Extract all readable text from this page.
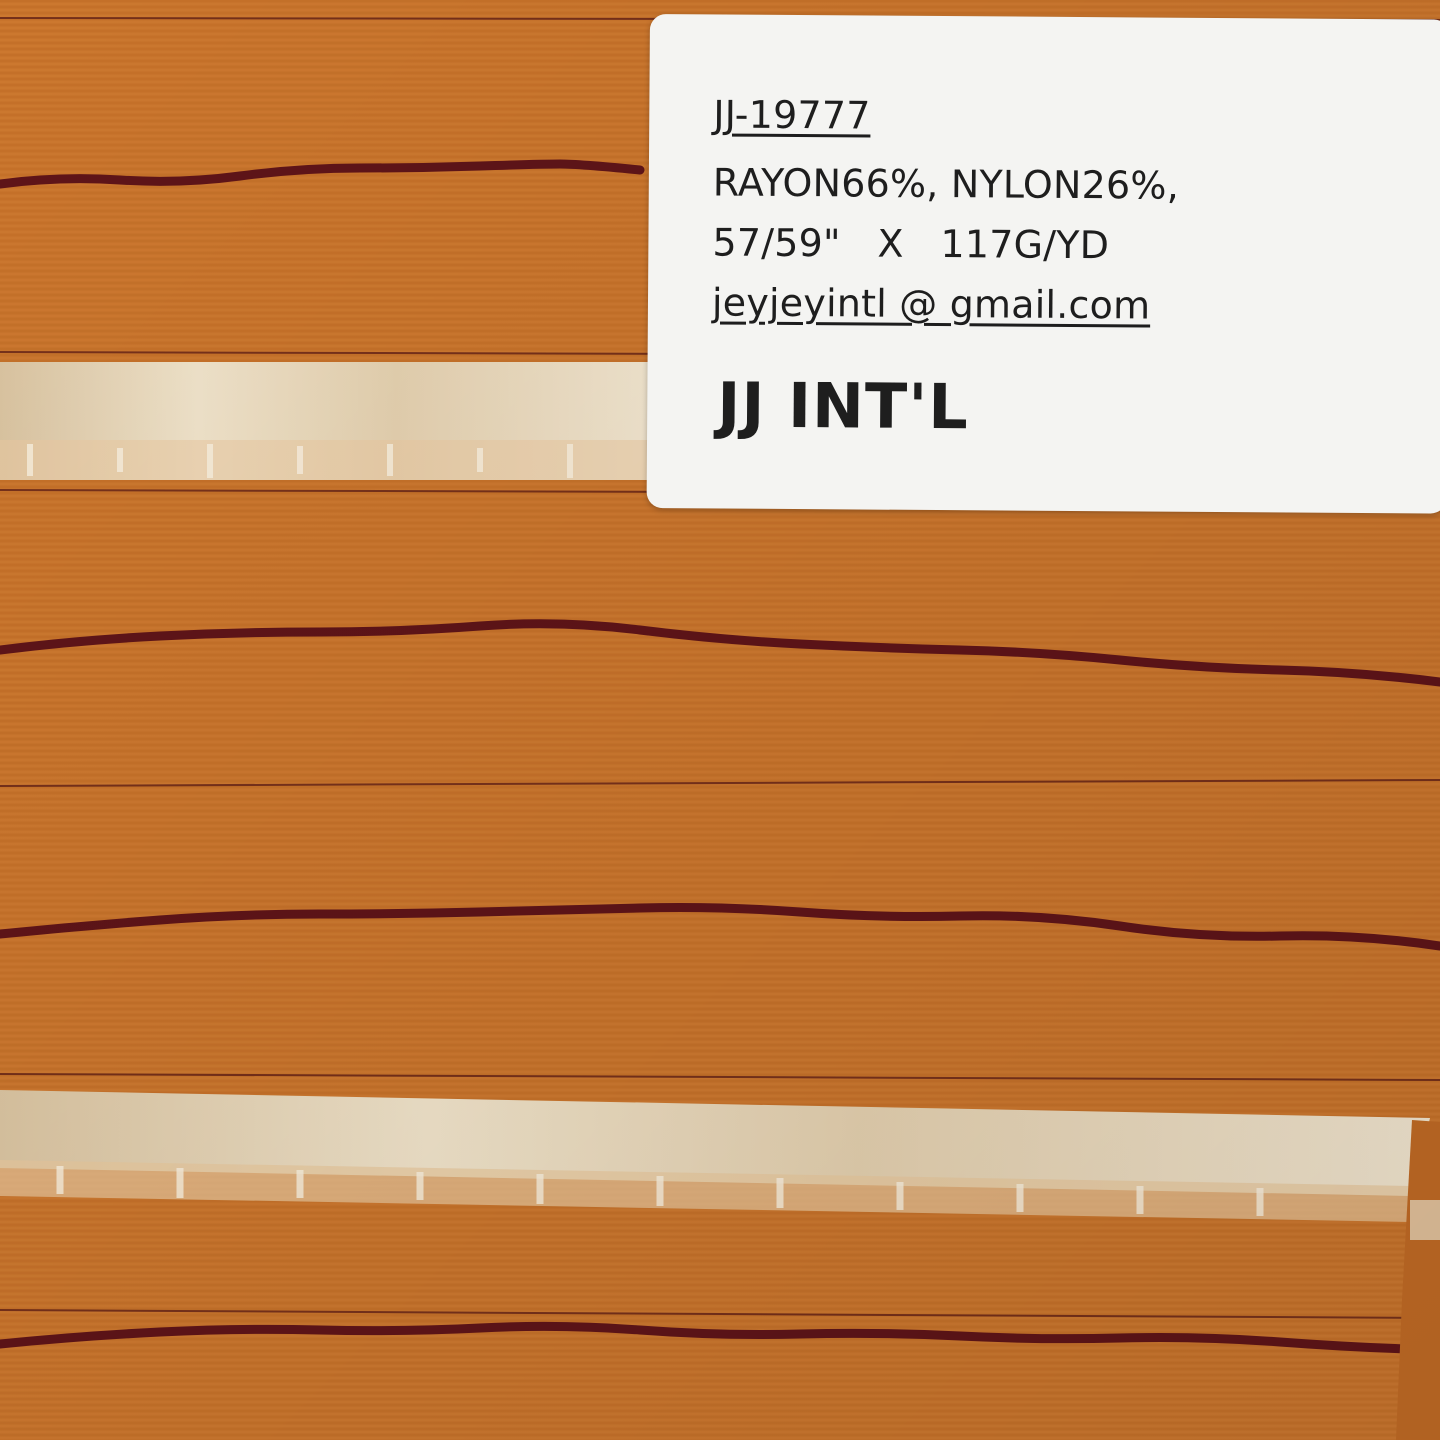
JJ-19777
RAYON66%, NYLON26%,
57/59"   X   117G/YD
jeyjeyintl @ gmail.com
JJ INT'L
